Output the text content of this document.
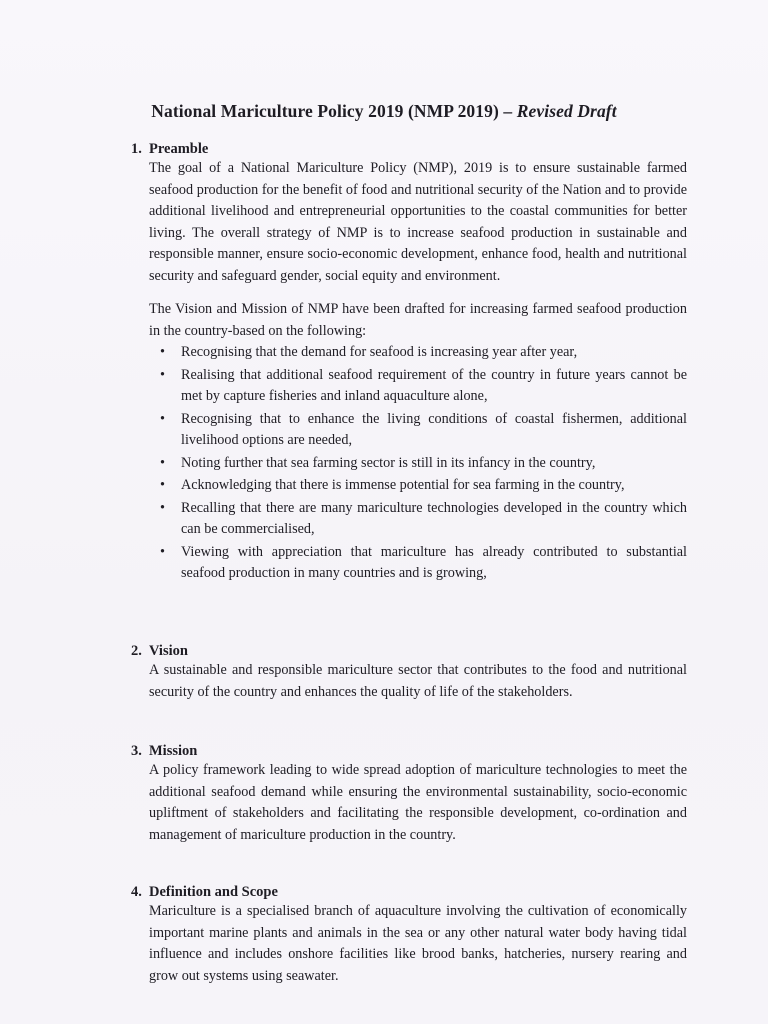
National Mariculture Policy 2019 (NMP 2019) – Revised Draft
1. Preamble
The goal of a National Mariculture Policy (NMP), 2019 is to ensure sustainable farmed seafood production for the benefit of food and nutritional security of the Nation and to provide additional livelihood and entrepreneurial opportunities to the coastal communities for better living. The overall strategy of NMP is to increase seafood production in sustainable and responsible manner, ensure socio-economic development, enhance food, health and nutritional security and safeguard gender, social equity and environment.
The Vision and Mission of NMP have been drafted for increasing farmed seafood production in the country-based on the following:
• Recognising that the demand for seafood is increasing year after year,
• Realising that additional seafood requirement of the country in future years cannot be met by capture fisheries and inland aquaculture alone,
• Recognising that to enhance the living conditions of coastal fishermen, additional livelihood options are needed,
• Noting further that sea farming sector is still in its infancy in the country,
• Acknowledging that there is immense potential for sea farming in the country,
• Recalling that there are many mariculture technologies developed in the country which can be commercialised,
• Viewing with appreciation that mariculture has already contributed to substantial seafood production in many countries and is growing,
2. Vision
A sustainable and responsible mariculture sector that contributes to the food and nutritional security of the country and enhances the quality of life of the stakeholders.
3. Mission
A policy framework leading to wide spread adoption of mariculture technologies to meet the additional seafood demand while ensuring the environmental sustainability, socio-economic upliftment of stakeholders and facilitating the responsible development, co-ordination and management of mariculture production in the country.
4. Definition and Scope
Mariculture is a specialised branch of aquaculture involving the cultivation of economically important marine plants and animals in the sea or any other natural water body having tidal influence and includes onshore facilities like brood banks, hatcheries, nursery rearing and grow out systems using seawater.
